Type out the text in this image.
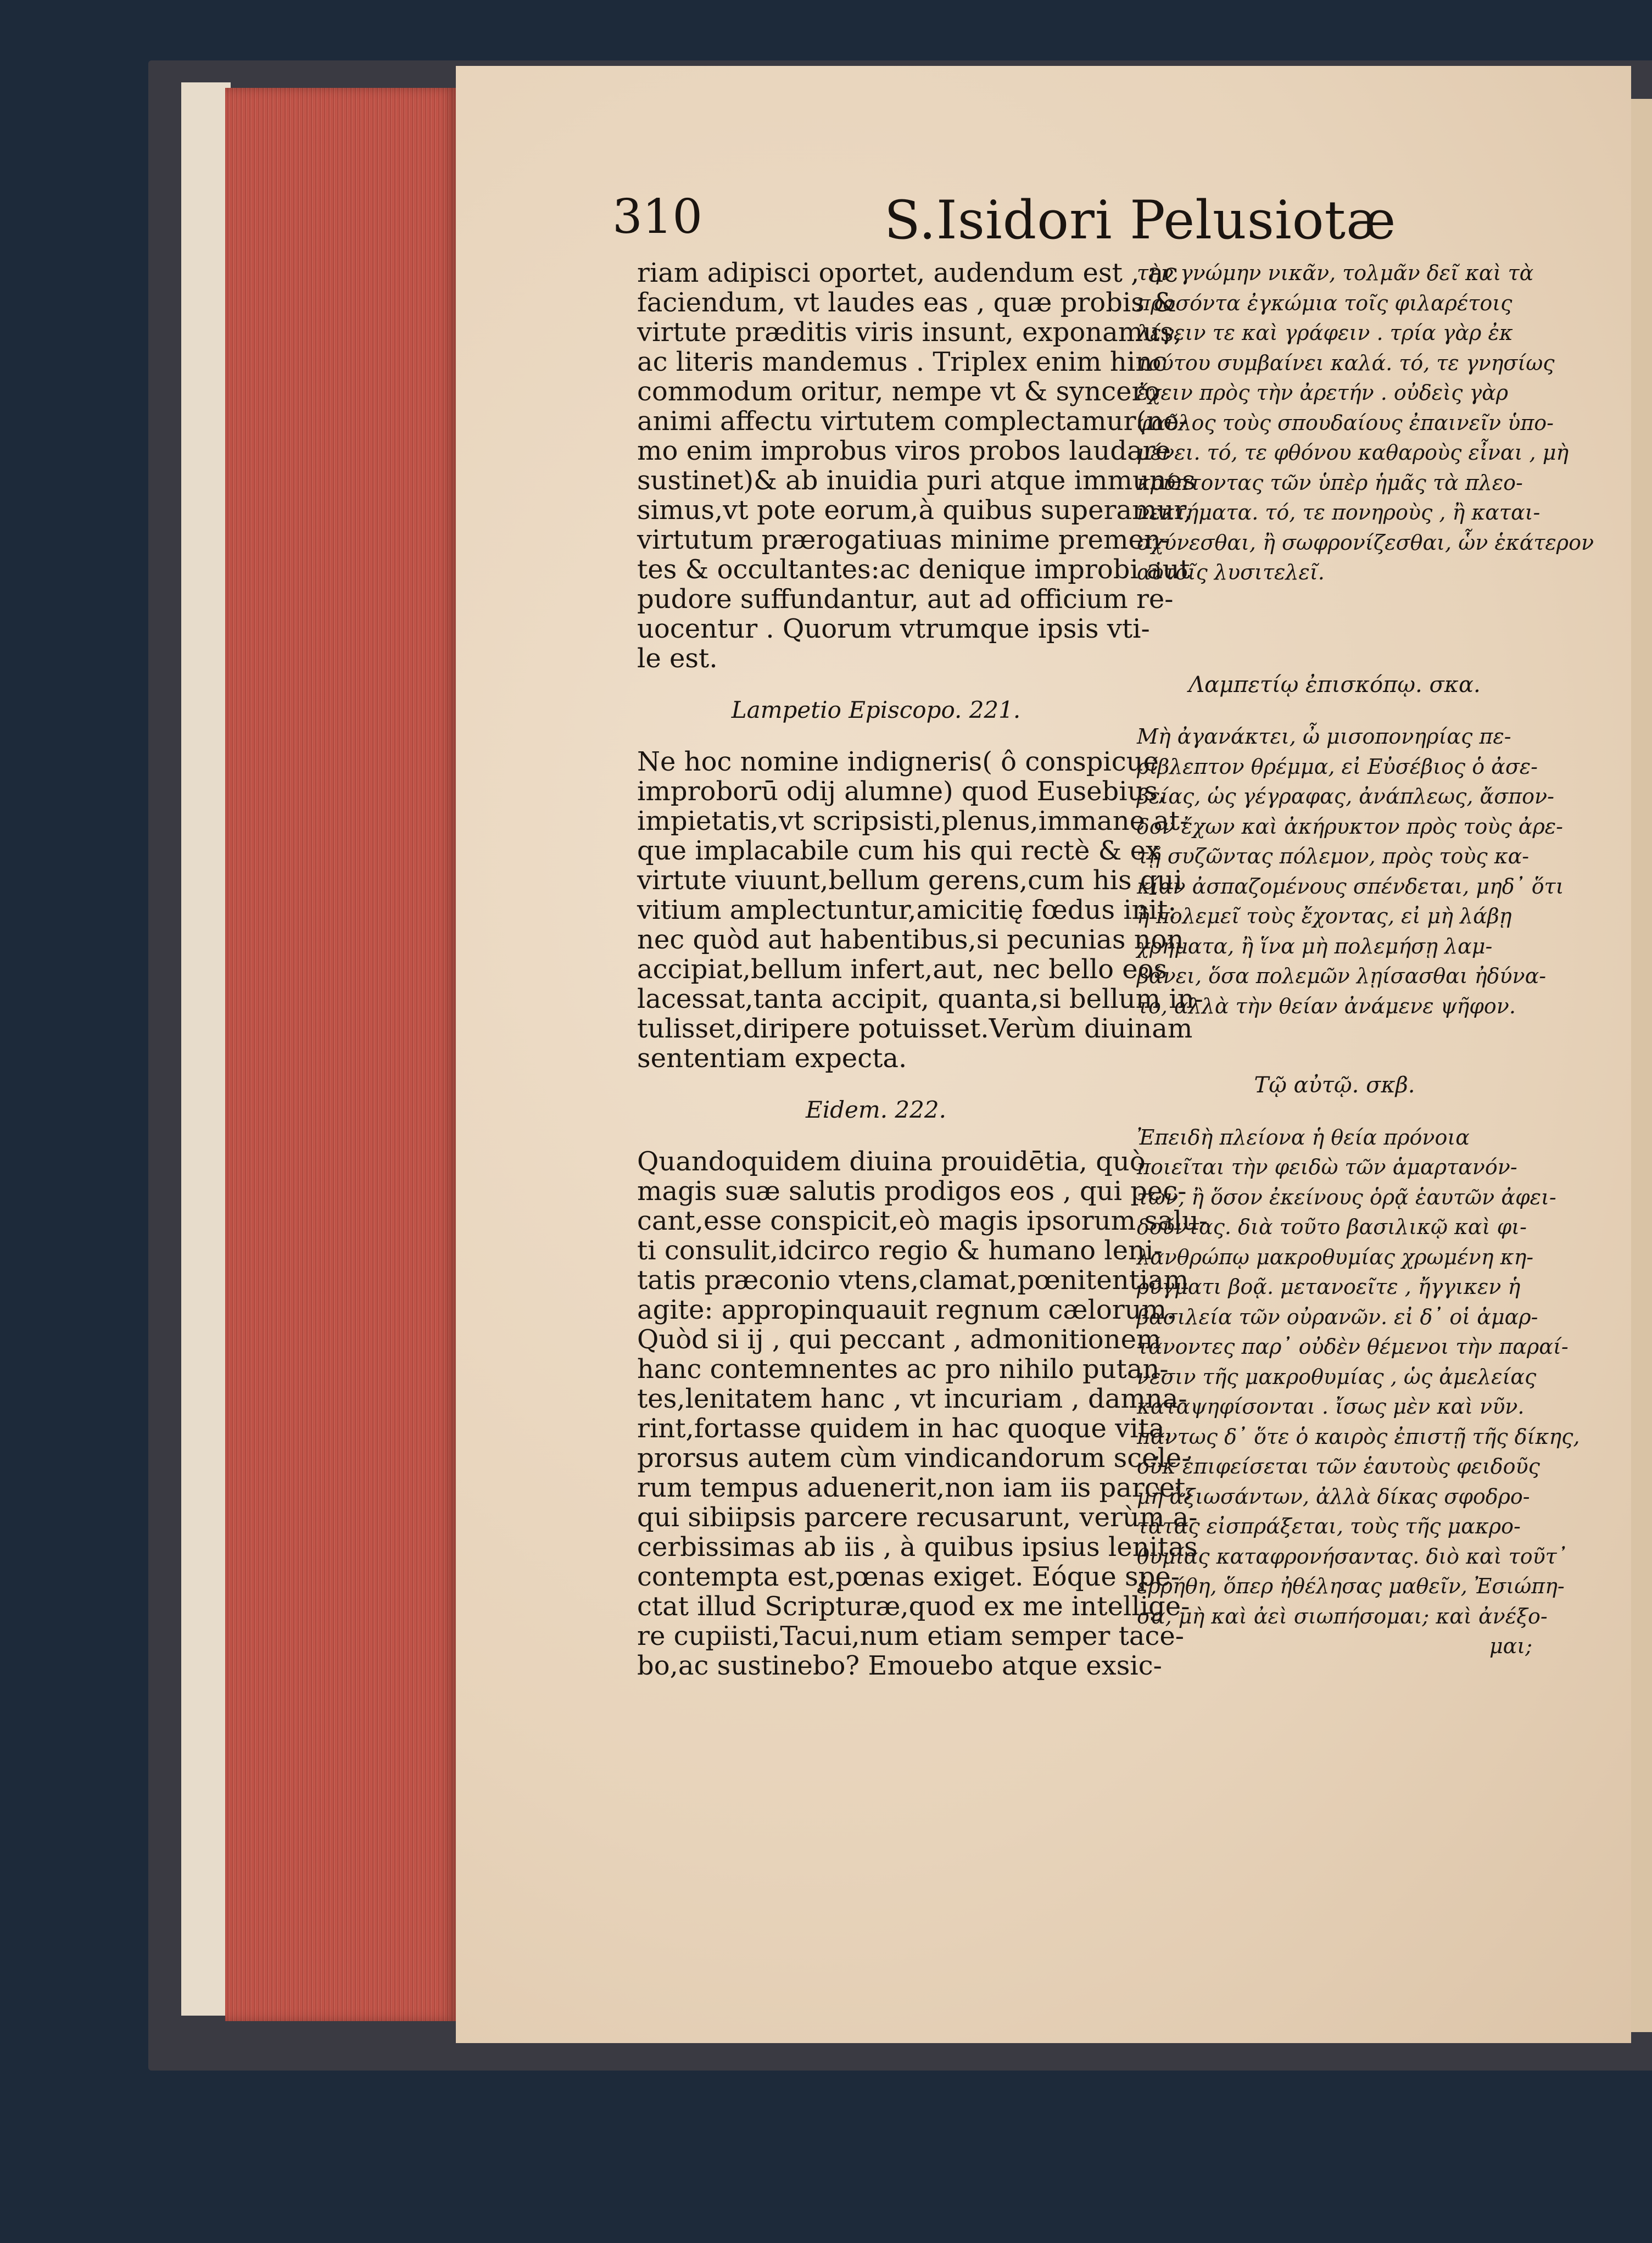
310	S.Isidori Pelusiotæ
riam adipisci oportet, audendum est , ac
faciendum, vt laudes eas , quæ probis &
virtute præditis viris insunt, exponamus,
ac literis mandemus . Triplex enim hinc
commodum oritur, nempe vt & syncero
animi affectu virtutem complectamur(ne-
mo enim improbus viros probos laudare
sustinet)& ab inuidia puri atque immunes
simus,vt pote eorum,à quibus superamur,
virtutum prærogatiuas minime premen-
tes & occultantes:ac denique improbi aut
pudore suffundantur, aut ad officium re-
uocentur . Quorum vtrumque ipsis vti-
le est.
Lampetio Episcopo. 221.
Ne hoc nomine indigneris( ô conspicue
improborū odij alumne) quod Eusebius,
impietatis,vt scripsisti,plenus,immane at-
que implacabile cum his qui rectè & ex
virtute viuunt,bellum gerens,cum his qui
vitium amplectuntur,amicitię fœdus init:
nec quòd aut habentibus,si pecunias non
accipiat,bellum infert,aut, nec bello eos
lacessat,tanta accipit, quanta,si bellum in-
tulisset,diripere potuisset.Verùm diuinam
sententiam expecta.
Eidem. 222.
Quandoquidem diuina prouidētia, quò
magis suæ salutis prodigos eos , qui pec-
cant,esse conspicit,eò magis ipsorum salu-
ti consulit,idcirco regio & humano leni-
tatis præconio vtens,clamat,pœnitentiam
agite: appropinquauit regnum cælorum.
Quòd si ij , qui peccant , admonitionem
hanc contemnentes ac pro nihilo putan-
tes,lenitatem hanc , vt incuriam , damna-
rint,fortasse quidem in hac quoque vita,
prorsus autem cùm vindicandorum scele-
rum tempus aduenerit,non iam iis parcet,
qui sibiipsis parcere recusarunt, verùm a-
cerbissimas ab iis , à quibus ipsius lenitas
contempta est,pœnas exiget. Eóque spe-
ctat illud Scripturæ,quod ex me intellige-
re cupiisti,Tacui,num etiam semper tace-
bo,ac sustinebo? Emouebo atque exsic-
τὴν γνώμην νικᾶν, τολμᾶν δεῖ καὶ τὰ
προσόντα ἐγκώμια τοῖς φιλαρέτοις
λέγειν τε καὶ γράφειν . τρία γὰρ ἐκ
τούτου συμβαίνει καλά. τό, τε γνησίως
ἔχειν πρὸς τὴν ἀρετήν . οὐδεὶς γὰρ
φαῦλος τοὺς σπουδαίους ἐπαινεῖν ὑπο-
μένει. τό, τε φθόνου καθαροὺς εἶναι , μὴ
κρύπτοντας τῶν ὑπὲρ ἡμᾶς τὰ πλεο-
νεκτήματα. τό, τε πονηροὺς , ἢ καται-
σχύνεσθαι, ἢ σωφρονίζεσθαι, ὧν ἑκάτερον
αὐτοῖς λυσιτελεῖ.
Λαμπετίῳ ἐπισκόπῳ. σκα.
Μὴ ἀγανάκτει, ὦ μισοπονηρίας πε-
ρίβλεπτον θρέμμα, εἰ Εὐσέβιος ὁ ἀσε-
βείας, ὡς γέγραφας, ἀνάπλεως, ἄσπον-
δον ἔχων καὶ ἀκήρυκτον πρὸς τοὺς ἀρε-
τῇ συζῶντας πόλεμον, πρὸς τοὺς κα-
κίαν ἀσπαζομένους σπένδεται, μηδ᾽ ὅτι
ἢ πολεμεῖ τοὺς ἔχοντας, εἰ μὴ λάβῃ
χρήματα, ἢ ἵνα μὴ πολεμήσῃ λαμ-
βάνει, ὅσα πολεμῶν λῃίσασθαι ἠδύνα-
το, ἀλλὰ τὴν θείαν ἀνάμενε ψῆφον.
Τῷ αὐτῷ. σκβ.
Ἐπειδὴ πλείονα ἡ θεία πρόνοια
ποιεῖται τὴν φειδὼ τῶν ἁμαρτανόν-
των, ἢ ὅσον ἐκείνους ὁρᾷ ἑαυτῶν ἀφει-
δοῦντας. διὰ τοῦτο βασιλικῷ καὶ φι-
λανθρώπῳ μακροθυμίας χρωμένη κη-
ρύγματι βοᾷ. μετανοεῖτε , ἤγγικεν ἡ
βασιλεία τῶν οὐρανῶν. εἰ δ᾽ οἱ ἁμαρ-
τάνοντες παρ᾽ οὐδὲν θέμενοι τὴν παραί-
νεσιν τῆς μακροθυμίας , ὡς ἀμελείας
καταψηφίσονται . ἴσως μὲν καὶ νῦν.
πάντως δ᾽ ὅτε ὁ καιρὸς ἐπιστῇ τῆς δίκης,
οὐκ ἐπιφείσεται τῶν ἑαυτοὺς φειδοῦς
μὴ ἀξιωσάντων, ἀλλὰ δίκας σφοδρο-
τάτας εἰσπράξεται, τοὺς τῆς μακρο-
θυμίας καταφρονήσαντας. διὸ καὶ τοῦτ᾽
ἐρρήθη, ὅπερ ἠθέλησας μαθεῖν, Ἐσιώπη-
σα, μὴ καὶ ἀεὶ σιωπήσομαι; καὶ ἀνέξο-
μαι;
